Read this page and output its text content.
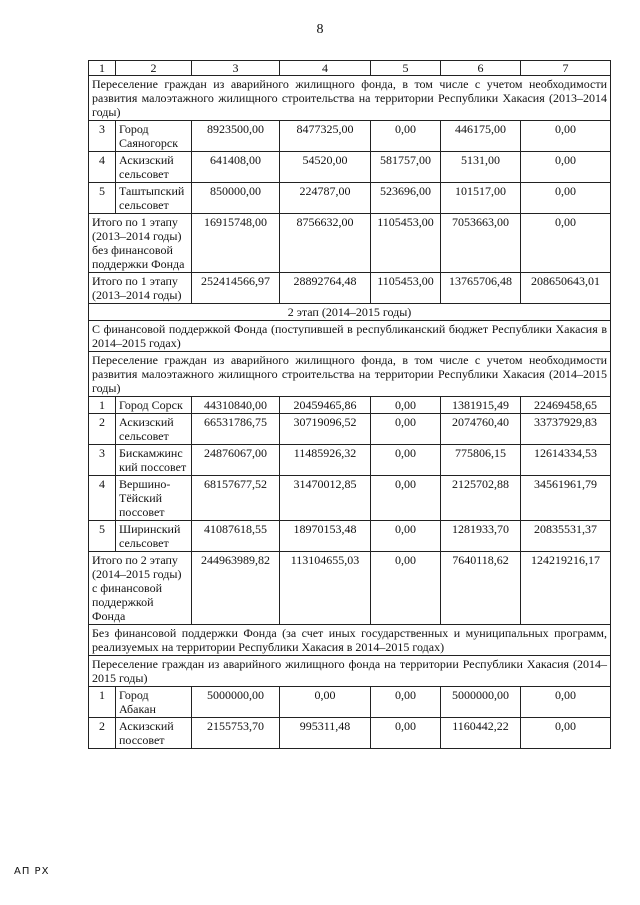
8
1	2	3	4	5	6	7
Переселение граждан из аварийного жилищного фонда, в том числе с учетом необходимости развития малоэтажного жилищного строительства на территории Республики Хакасия (2013–2014 годы)						
3	Город Саяногорск	8923500,00	8477325,00	0,00	446175,00	0,00
4	Аскизский сельсовет	641408,00	54520,00	581757,00	5131,00	0,00
5	Таштыпский сельсовет	850000,00	224787,00	523696,00	101517,00	0,00
Итого по 1 этапу (2013–2014 годы) без финансовой поддержки Фонда		16915748,00	8756632,00	1105453,00	7053663,00	0,00
Итого по 1 этапу (2013–2014 годы)		252414566,97	28892764,48	1105453,00	13765706,48	208650643,01
2 этап (2014–2015 годы)						
С финансовой поддержкой Фонда (поступившей в республиканский бюджет Республики Хакасия в 2014–2015 годах)						
Переселение граждан из аварийного жилищного фонда, в том числе с учетом необходимости развития малоэтажного жилищного строительства на территории Республики Хакасия (2014–2015 годы)						
1	Город Сорск	44310840,00	20459465,86	0,00	1381915,49	22469458,65
2	Аскизский сельсовет	66531786,75	30719096,52	0,00	2074760,40	33737929,83
3	Бискамжинский поссовет	24876067,00	11485926,32	0,00	775806,15	12614334,53
4	Вершино-Тёйский поссовет	68157677,52	31470012,85	0,00	2125702,88	34561961,79
5	Ширинский сельсовет	41087618,55	18970153,48	0,00	1281933,70	20835531,37
Итого по 2 этапу (2014–2015 годы) с финансовой поддержкой Фонда		244963989,82	113104655,03	0,00	7640118,62	124219216,17
Без финансовой поддержки Фонда (за счет иных государственных и муниципальных программ, реализуемых на территории Республики Хакасия в 2014–2015 годах)						
Переселение граждан из аварийного жилищного фонда на территории Республики Хакасия (2014–2015 годы)						
1	Город Абакан	5000000,00	0,00	0,00	5000000,00	0,00
2	Аскизский поссовет	2155753,70	995311,48	0,00	1160442,22	0,00
АП РХ
